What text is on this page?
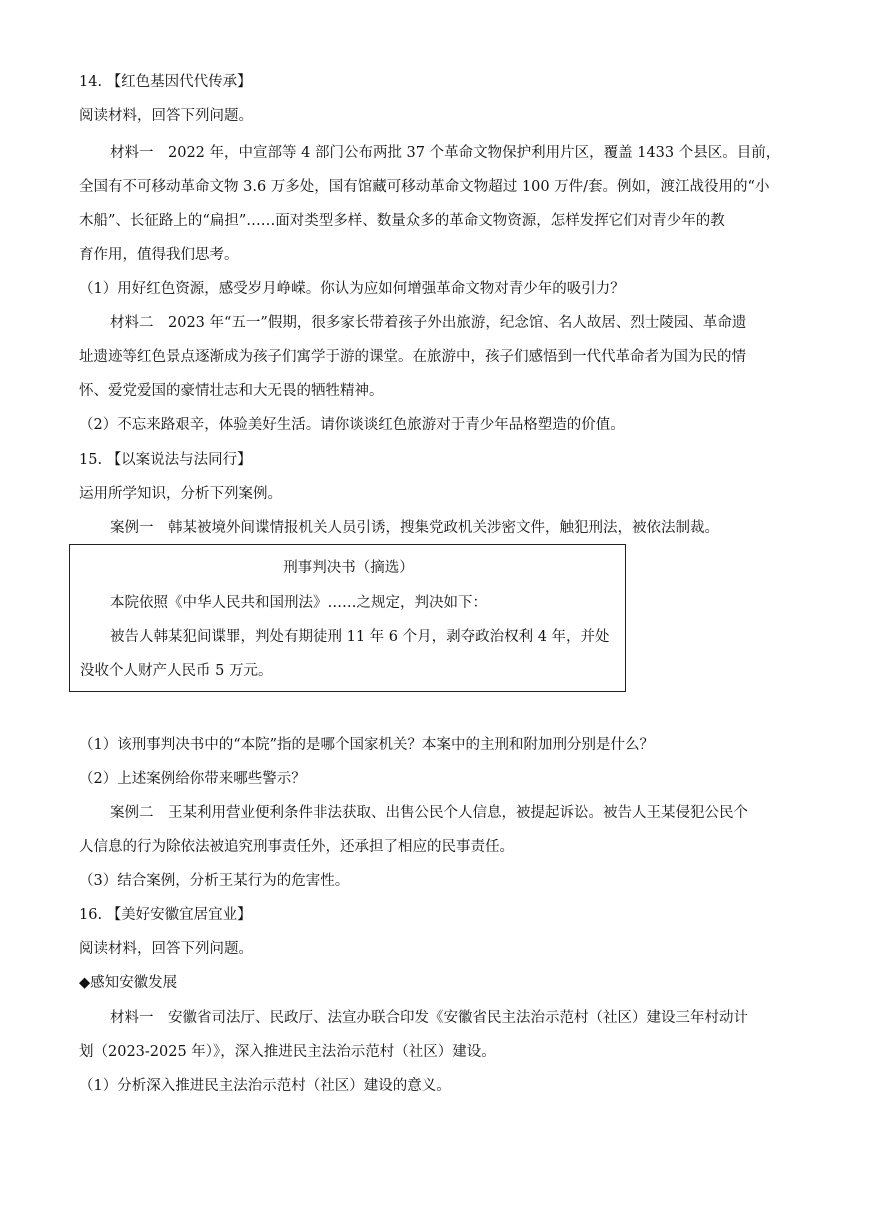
14. 【红色基因代代传承】
阅读材料，回答下列问题。
材料一　2022 年，中宣部等 4 部门公布两批 37 个革命文物保护利用片区，覆盖 1433 个县区。目前，
全国有不可移动革命文物 3.6 万多处，国有馆藏可移动革命文物超过 100 万件/套。例如，渡江战役用的“小
木船”、长征路上的“扁担”……面对类型多样、数量众多的革命文物资源，怎样发挥它们对青少年的教
育作用，值得我们思考。
（1）用好红色资源，感受岁月峥嵘。你认为应如何增强革命文物对青少年的吸引力？
材料二　2023 年“五一”假期，很多家长带着孩子外出旅游，纪念馆、名人故居、烈士陵园、革命遗
址遗迹等红色景点逐渐成为孩子们寓学于游的课堂。在旅游中，孩子们感悟到一代代革命者为国为民的情
怀、爱党爱国的豪情壮志和大无畏的牺牲精神。
（2）不忘来路艰辛，体验美好生活。请你谈谈红色旅游对于青少年品格塑造的价值。
15. 【以案说法与法同行】
运用所学知识，分析下列案例。
案例一　韩某被境外间谍情报机关人员引诱，搜集党政机关涉密文件，触犯刑法，被依法制裁。
刑事判决书（摘选）
本院依照《中华人民共和国刑法》……之规定，判决如下：
被告人韩某犯间谍罪，判处有期徒刑 11 年 6 个月，剥夺政治权利 4 年，并处
没收个人财产人民币 5 万元。
（1）该刑事判决书中的“本院”指的是哪个国家机关？本案中的主刑和附加刑分别是什么？
（2）上述案例给你带来哪些警示？
案例二　王某利用营业便利条件非法获取、出售公民个人信息，被提起诉讼。被告人王某侵犯公民个
人信息的行为除依法被追究刑事责任外，还承担了相应的民事责任。
（3）结合案例，分析王某行为的危害性。
16. 【美好安徽宜居宜业】
阅读材料，回答下列问题。
◆感知安徽发展
材料一　安徽省司法厅、民政厅、法宣办联合印发《安徽省民主法治示范村（社区）建设三年村动计
划（2023-2025 年）》，深入推进民主法治示范村（社区）建设。
（1）分析深入推进民主法治示范村（社区）建设的意义。
